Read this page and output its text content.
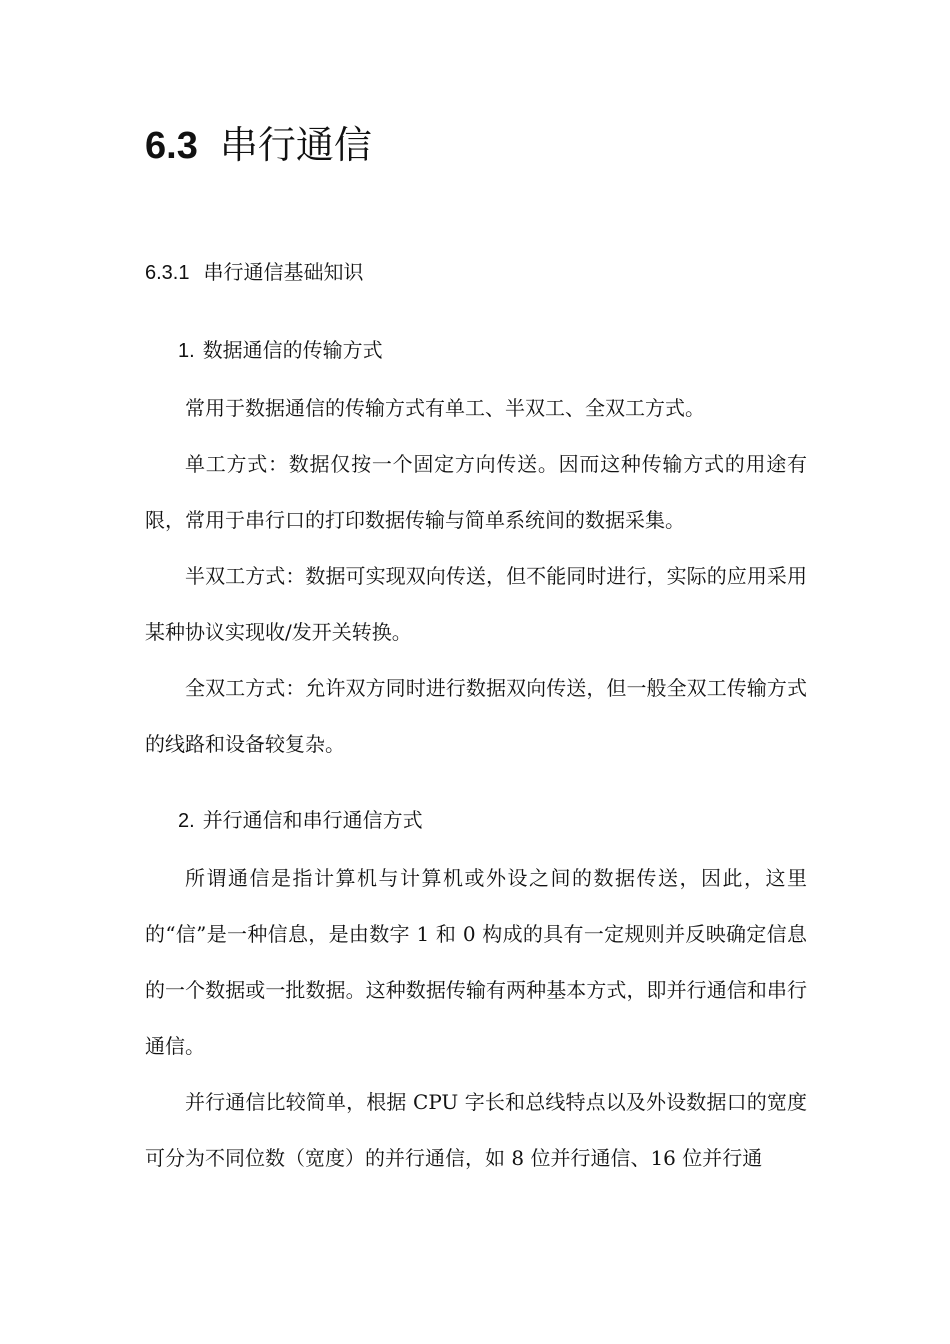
6.3 串行通信
6.3.1 串行通信基础知识
1. 数据通信的传输方式

常用于数据通信的传输方式有单工、半双工、全双工方式。

单工方式：数据仅按一个固定方向传送。因而这种传输方式的用途有限，常用于串行口的打印数据传输与简单系统间的数据采集。

半双工方式：数据可实现双向传送，但不能同时进行，实际的应用采用某种协议实现收/发开关转换。

全双工方式：允许双方同时进行数据双向传送，但一般全双工传输方式的线路和设备较复杂。

2. 并行通信和串行通信方式

所谓通信是指计算机与计算机或外设之间的数据传送，因此，这里的“信”是一种信息，是由数字 1 和 0 构成的具有一定规则并反映确定信息的一个数据或一批数据。这种数据传输有两种基本方式，即并行通信和串行通信。

并行通信比较简单，根据 CPU 字长和总线特点以及外设数据口的宽度可分为不同位数（宽度）的并行通信，如 8 位并行通信、16 位并行通
